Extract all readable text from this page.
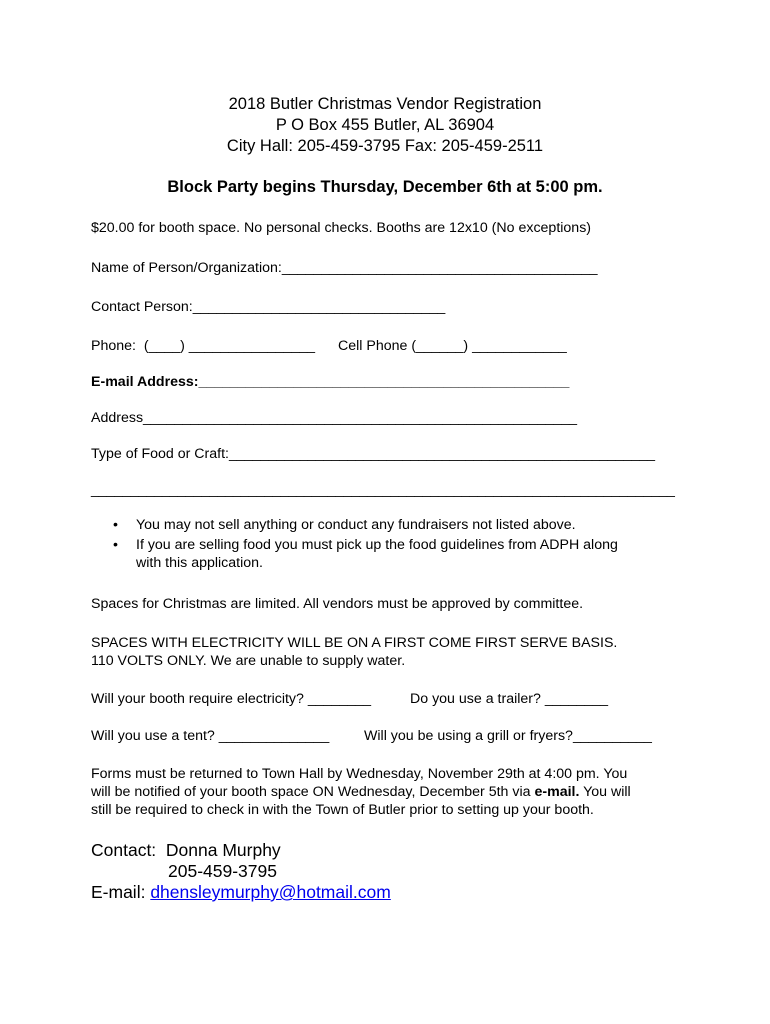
2018 Butler Christmas Vendor Registration
P O Box 455 Butler, AL 36904
City Hall: 205-459-3795 Fax: 205-459-2511
Block Party begins Thursday, December 6th at 5:00 pm.
$20.00 for booth space. No personal checks. Booths are 12x10 (No exceptions)
Name of Person/Organization:________________________________________
Contact Person:________________________________
Phone:  (____) ________________ Cell Phone (______) ____________
E-mail Address:_______________________________________________
Address_______________________________________________________
Type of Food or Craft:______________________________________________________
__________________________________________________________________________
• You may not sell anything or conduct any fundraisers not listed above.
• If you are selling food you must pick up the food guidelines from ADPH along
with this application.
Spaces for Christmas are limited. All vendors must be approved by committee.
SPACES WITH ELECTRICITY WILL BE ON A FIRST COME FIRST SERVE BASIS.
110 VOLTS ONLY. We are unable to supply water.
Will your booth require electricity? ________	Do you use a trailer? ________
Will you use a tent? ______________ Will you be using a grill or fryers?__________
Forms must be returned to Town Hall by Wednesday, November 29th at 4:00 pm. You
will be notified of your booth space ON Wednesday, December 5th via e-mail. You will
still be required to check in with the Town of Butler prior to setting up your booth.
Contact:  Donna Murphy
205-459-3795
E-mail: dhensleymurphy@hotmail.com
